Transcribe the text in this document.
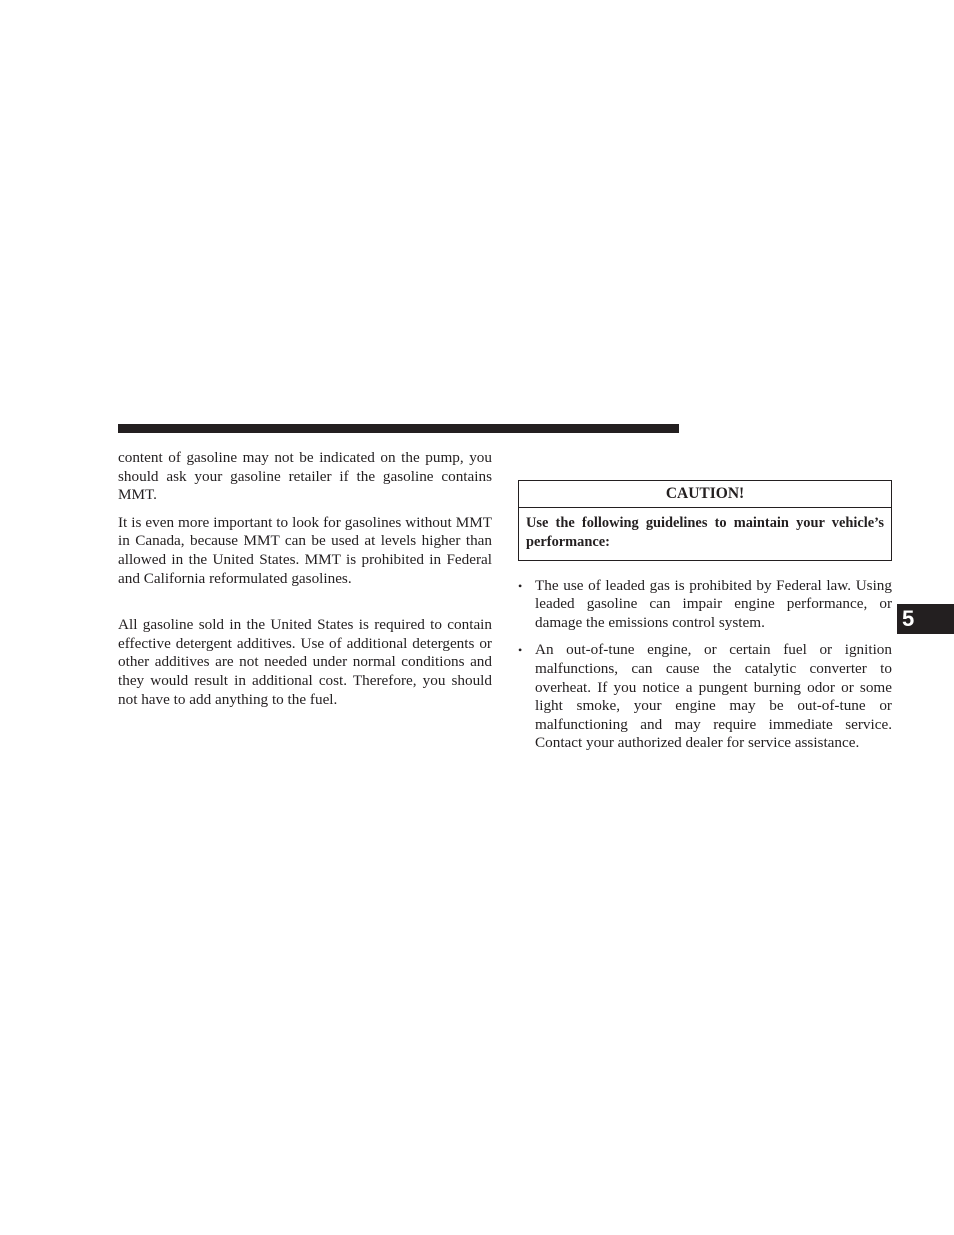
content of gasoline may not be indicated on the pump, you should ask your gasoline retailer if the gasoline contains MMT.

It is even more important to look for gasolines without MMT in Canada, because MMT can be used at levels higher than allowed in the United States. MMT is prohibited in Federal and California reformulated gasolines.

All gasoline sold in the United States is required to contain effective detergent additives. Use of additional detergents or other additives are not needed under normal conditions and they would result in additional cost. Therefore, you should not have to add anything to the fuel.

CAUTION!
Use the following guidelines to maintain your vehicle’s performance:
• The use of leaded gas is prohibited by Federal law. Using leaded gasoline can impair engine performance, or damage the emissions control system.
• An out-of-tune engine, or certain fuel or ignition malfunctions, can cause the catalytic converter to overheat. If you notice a pungent burning odor or some light smoke, your engine may be out-of-tune or malfunctioning and may require immediate service. Contact your authorized dealer for service assistance.
5
